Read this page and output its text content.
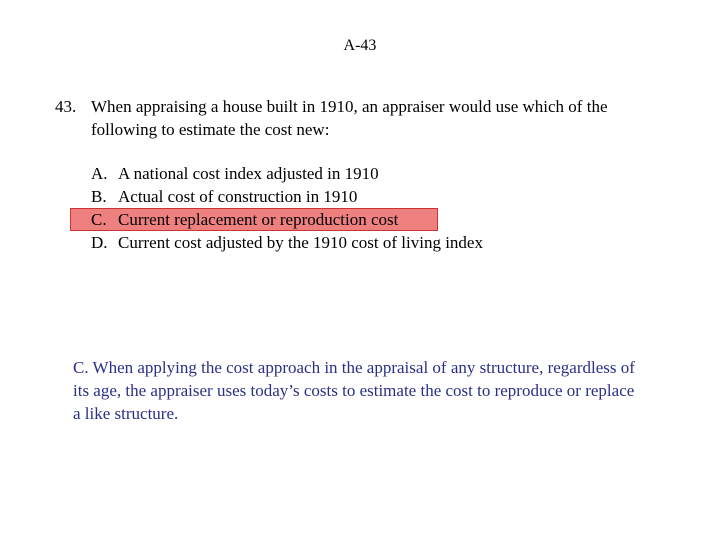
A-43
43. When appraising a house built in 1910, an appraiser would use which of the following to estimate the cost new:
A. A national cost index adjusted in 1910
B. Actual cost of construction in 1910
C. Current replacement or reproduction cost
D. Current cost adjusted by the 1910 cost of living index
C. When applying the cost approach in the appraisal of any structure, regardless of its age, the appraiser uses today’s costs to estimate the cost to reproduce or replace a like structure.
